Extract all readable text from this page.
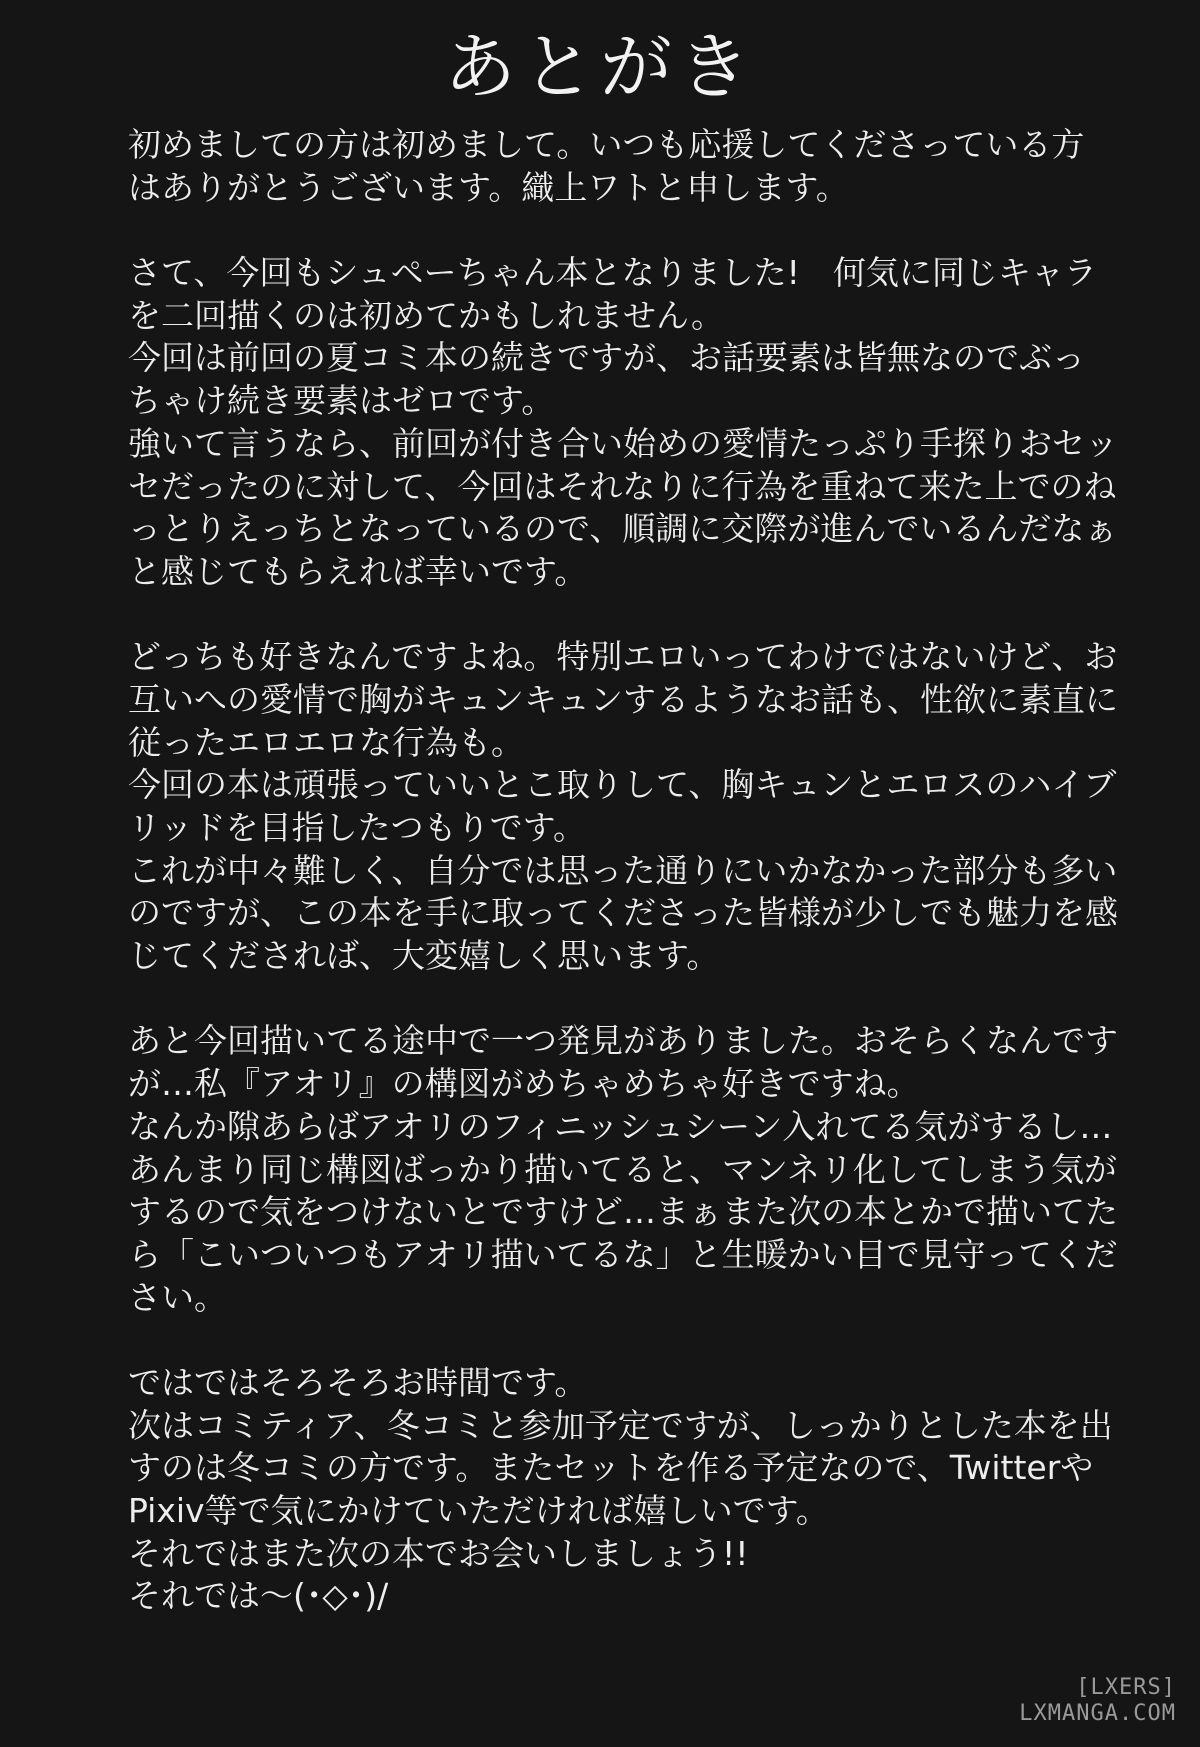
あとがき
初めましての方は初めまして。いつも応援してくださっている方
はありがとうございます。織上ワトと申します。
さて、今回もシュペーちゃん本となりました!　何気に同じキャラ
を二回描くのは初めてかもしれません。
今回は前回の夏コミ本の続きですが、お話要素は皆無なのでぶっ
ちゃけ続き要素はゼロです。
強いて言うなら、前回が付き合い始めの愛情たっぷり手探りおセッ
セだったのに対して、今回はそれなりに行為を重ねて来た上でのね
っとりえっちとなっているので、順調に交際が進んでいるんだなぁ
と感じてもらえれば幸いです。
どっちも好きなんですよね。特別エロいってわけではないけど、お
互いへの愛情で胸がキュンキュンするようなお話も、性欲に素直に
従ったエロエロな行為も。
今回の本は頑張っていいとこ取りして、胸キュンとエロスのハイブ
リッドを目指したつもりです。
これが中々難しく、自分では思った通りにいかなかった部分も多い
のですが、この本を手に取ってくださった皆様が少しでも魅力を感
じてくだされば、大変嬉しく思います。
あと今回描いてる途中で一つ発見がありました。おそらくなんです
が…私『アオリ』の構図がめちゃめちゃ好きですね。
なんか隙あらばアオリのフィニッシュシーン入れてる気がするし…
あんまり同じ構図ばっかり描いてると、マンネリ化してしまう気が
するので気をつけないとですけど…まぁまた次の本とかで描いてた
ら「こいついつもアオリ描いてるな」と生暖かい目で見守ってくだ
さい。
ではではそろそろお時間です。
次はコミティア、冬コミと参加予定ですが、しっかりとした本を出
すのは冬コミの方です。またセットを作る予定なので、Twitterや
Pixiv等で気にかけていただければ嬉しいです。
それではまた次の本でお会いしましょう!!
それでは〜(･◇･)/
[LXERS]
LXMANGA.COM
